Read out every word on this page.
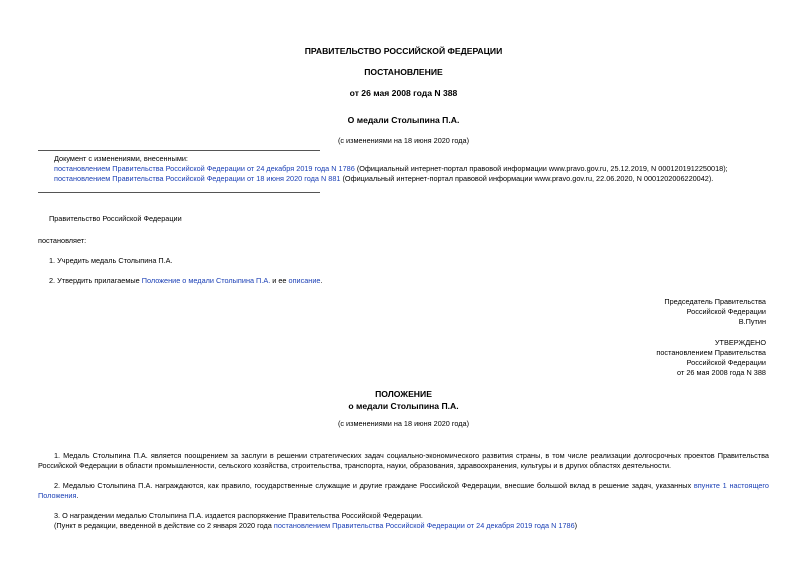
ПРАВИТЕЛЬСТВО РОССИЙСКОЙ ФЕДЕРАЦИИ
ПОСТАНОВЛЕНИЕ
от 26 мая 2008 года N 388
О медали Столыпина П.А.
(с изменениями на 18 июня 2020 года)
Документ с изменениями, внесенными:
постановлением Правительства Российской Федерации от 24 декабря 2019 года N 1786 (Официальный интернет-портал правовой информации www.pravo.gov.ru, 25.12.2019, N 0001201912250018);
постановлением Правительства Российской Федерации от 18 июня 2020 года N 881 (Официальный интернет-портал правовой информации www.pravo.gov.ru, 22.06.2020, N 0001202006220042).
Правительство Российской Федерации
постановляет:
1. Учредить медаль Столыпина П.А.
2. Утвердить прилагаемые Положение о медали Столыпина П.А. и ее описание.
Председатель Правительства
Российской Федерации
В.Путин
УТВЕРЖДЕНО
постановлением Правительства
Российской Федерации
от 26 мая 2008 года N 388
ПОЛОЖЕНИЕ
о медали Столыпина П.А.
(с изменениями на 18 июня 2020 года)
1. Медаль Столыпина П.А. является поощрением за заслуги в решении стратегических задач социально-экономического развития страны, в том числе реализации долгосрочных проектов Правительства Российской Федерации в области промышленности, сельского хозяйства, строительства, транспорта, науки, образования, здравоохранения, культуры и в других областях деятельности.
2. Медалью Столыпина П.А. награждаются, как правило, государственные служащие и другие граждане Российской Федерации, внесшие большой вклад в решение задач, указанных впункте 1 настоящего Положения.
3. О награждении медалью Столыпина П.А. издается распоряжение Правительства Российской Федерации.
(Пункт в редакции, введенной в действие со 2 января 2020 года постановлением Правительства Российской Федерации от 24 декабря 2019 года N 1786)
